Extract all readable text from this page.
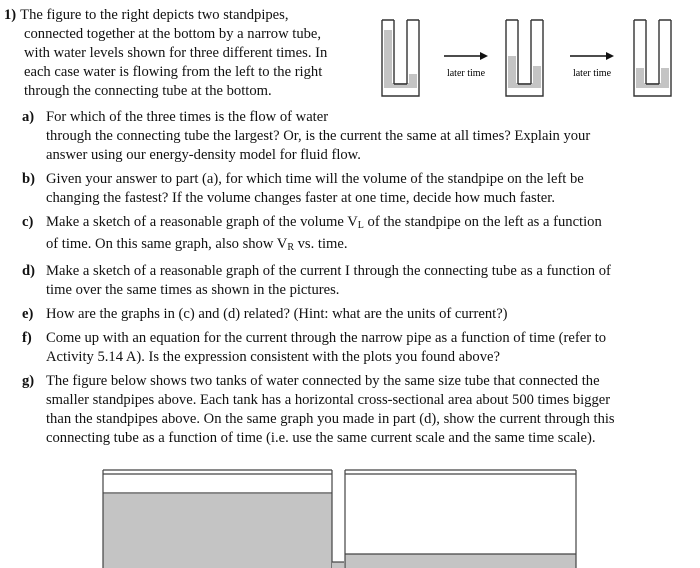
1) The figure to the right depicts two standpipes,
connected together at the bottom by a narrow tube,
with water levels shown for three different times. In
each case water is flowing from the left to the right
through the connecting tube at the bottom.
later time	later time
a) For which of the three times is the flow of water
through the connecting tube the largest? Or, is the current the same at all times? Explain your
answer using our energy-density model for fluid flow.
b) Given your answer to part (a), for which time will the volume of the standpipe on the left be
changing the fastest? If the volume changes faster at one time, decide how much faster.
c) Make a sketch of a reasonable graph of the volume $V_L$ of the standpipe on the left as a function
of time. On this same graph, also show $V_R$ vs. time.
d) Make a sketch of a reasonable graph of the current I through the connecting tube as a function of
time over the same times as shown in the pictures.
e) How are the graphs in (c) and (d) related? (Hint: what are the units of current?)
f) Come up with an equation for the current through the narrow pipe as a function of time (refer to
Activity 5.14 A). Is the expression consistent with the plots you found above?
g) The figure below shows two tanks of water connected by the same size tube that connected the
smaller standpipes above. Each tank has a horizontal cross-sectional area about 500 times bigger
than the standpipes above. On the same graph you made in part (d), show the current through this
connecting tube as a function of time (i.e. use the same current scale and the same time scale).
